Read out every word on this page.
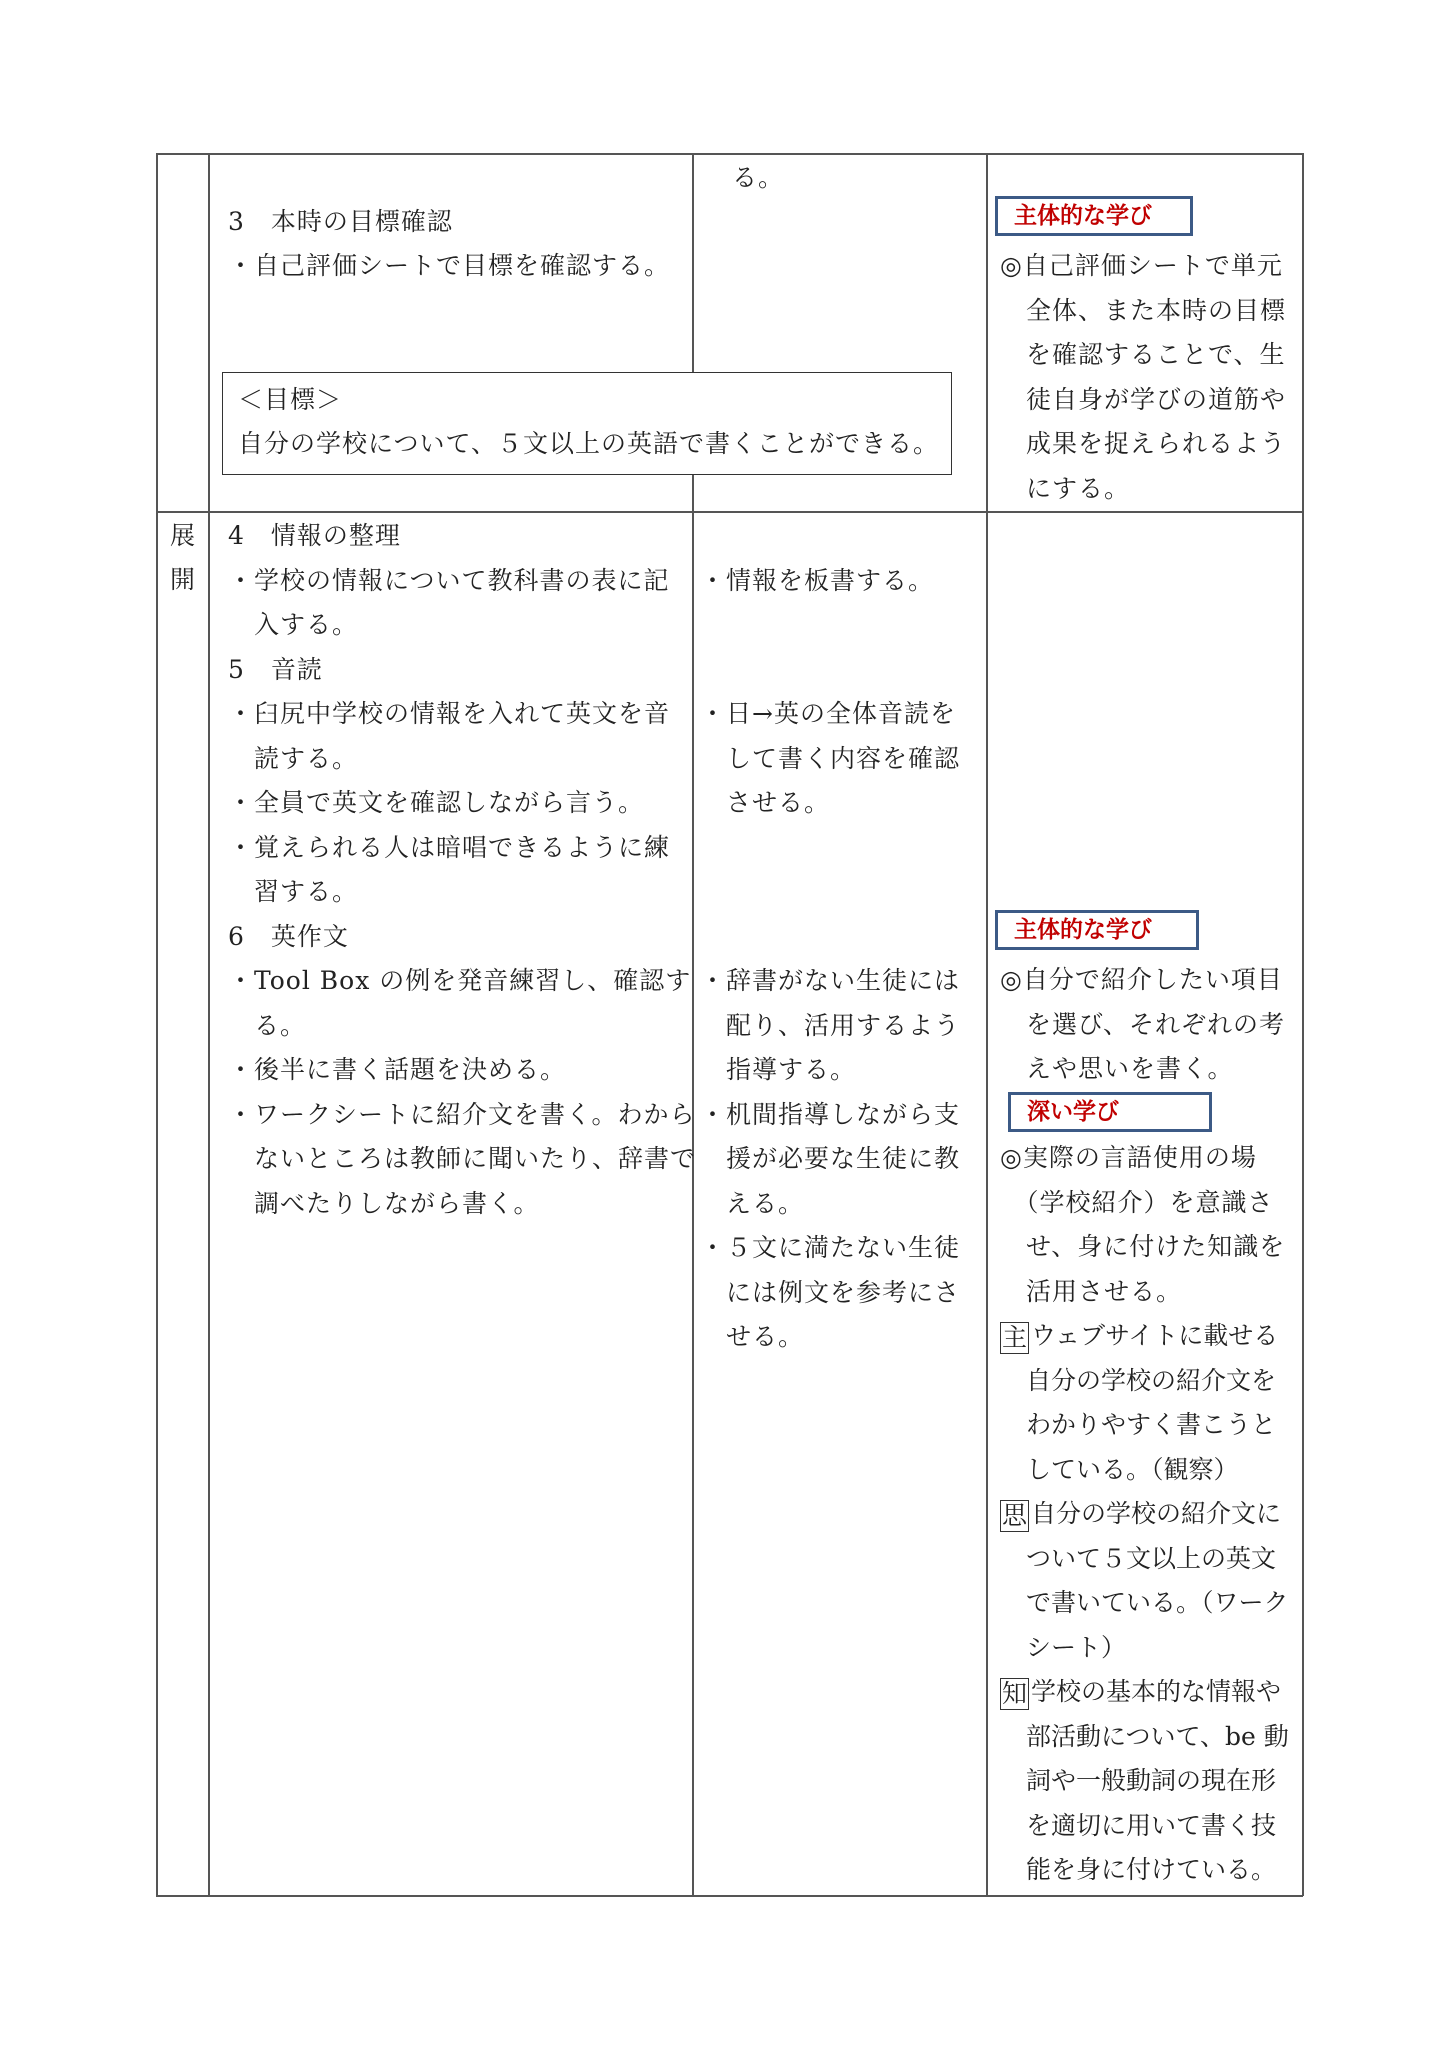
る。
3　本時の目標確認
・自己評価シートで目標を確認する。
＜目標＞
自分の学校について、５文以上の英語で書くことができる。
主体的な学び
◎自己評価シートで単元
　全体、また本時の目標
　を確認することで、生
　徒自身が学びの道筋や
　成果を捉えられるよう
　にする。
展
開
4　情報の整理
・学校の情報について教科書の表に記
　入する。
5　音読
・臼尻中学校の情報を入れて英文を音
　読する。
・全員で英文を確認しながら言う。
・覚えられる人は暗唱できるように練
　習する。
6　英作文
・Tool Box の例を発音練習し、確認す
　る。
・後半に書く話題を決める。
・ワークシートに紹介文を書く。わから
　ないところは教師に聞いたり、辞書で
　調べたりしながら書く。
・情報を板書する。
・日→英の全体音読を
　して書く内容を確認
　させる。
・辞書がない生徒には
　配り、活用するよう
　指導する。
・机間指導しながら支
　援が必要な生徒に教
　える。
・５文に満たない生徒
　には例文を参考にさ
　せる。
主体的な学び
◎自分で紹介したい項目
　を選び、それぞれの考
　えや思いを書く。
深い学び
◎実際の言語使用の場
　（学校紹介）を意識さ
　せ、身に付けた知識を
　活用させる。
主 ウェブサイトに載せる
自分の学校の紹介文を
わかりやすく書こうと
している。（観察）
思 自分の学校の紹介文に
ついて５文以上の英文
で書いている。（ワーク
シート）
知 学校の基本的な情報や
部活動について、be 動
詞や一般動詞の現在形
を適切に用いて書く技
能を身に付けている。
